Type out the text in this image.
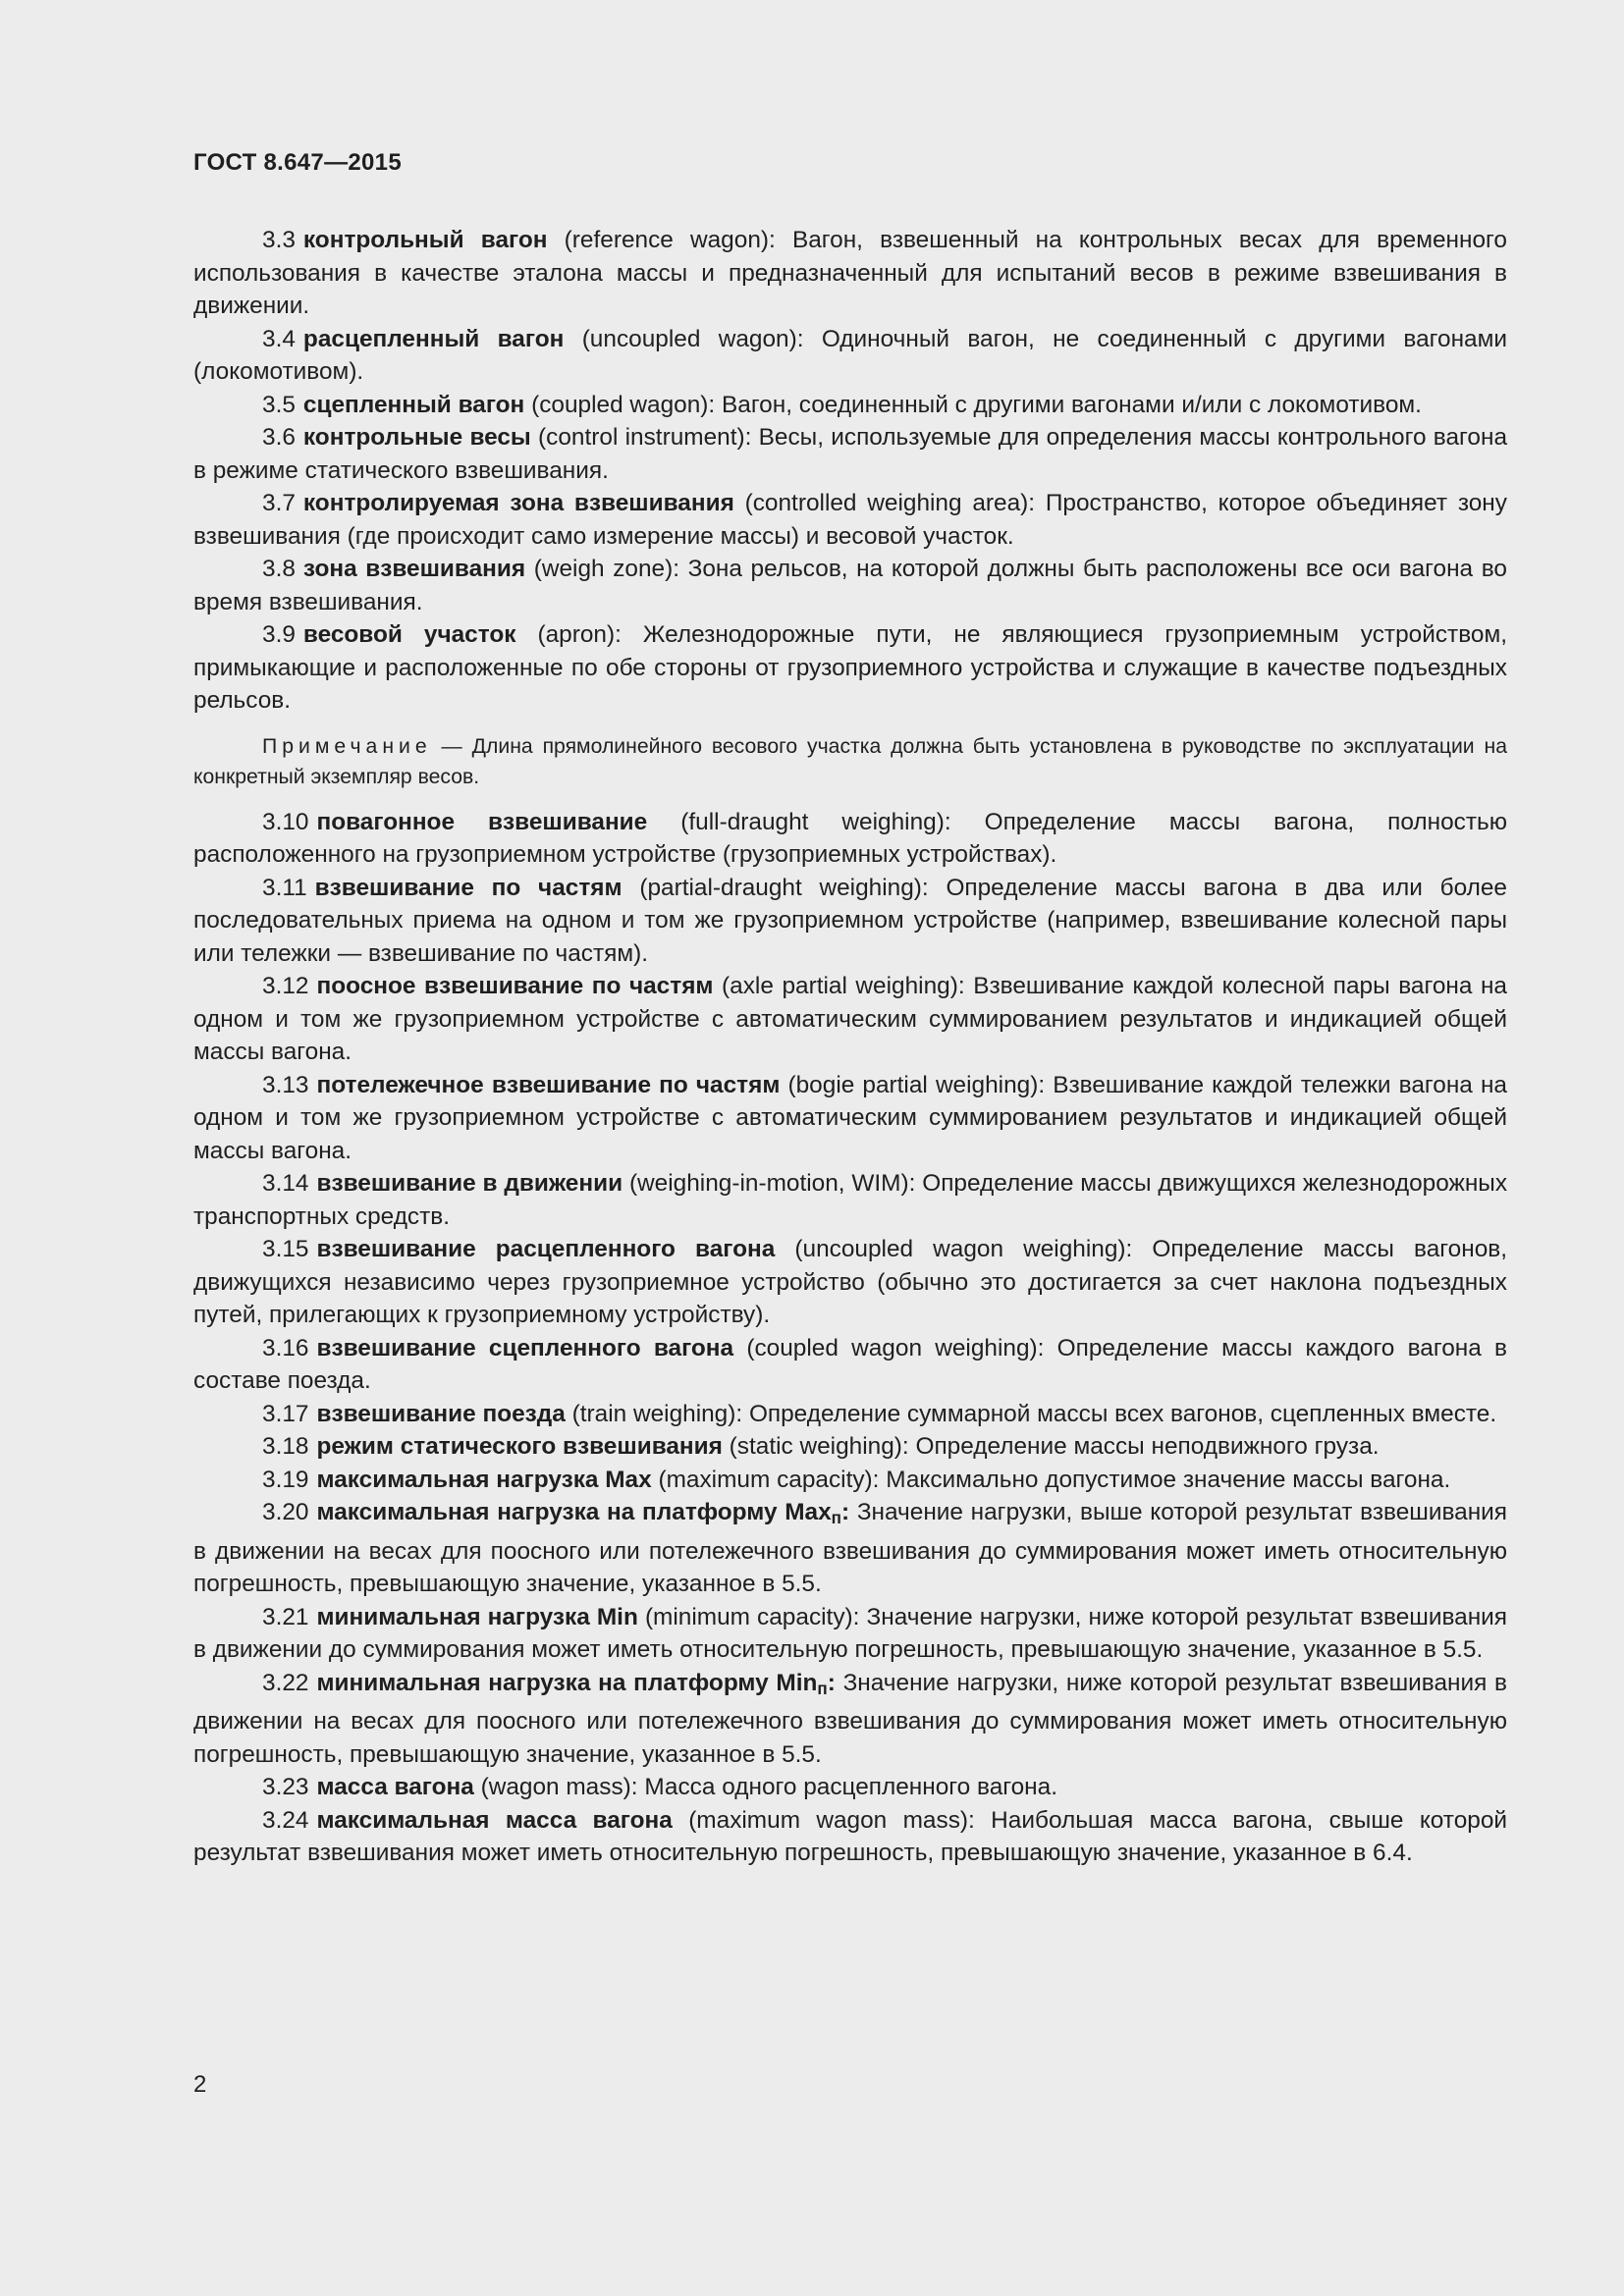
ГОСТ 8.647—2015

3.3 контрольный вагон (reference wagon): Вагон, взвешенный на контрольных весах для временного использования в качестве эталона массы и предназначенный для испытаний весов в режиме взвешивания в движении.

3.4 расцепленный вагон (uncoupled wagon): Одиночный вагон, не соединенный с другими вагонами (локомотивом).

3.5 сцепленный вагон (coupled wagon): Вагон, соединенный с другими вагонами и/или с локомотивом.

3.6 контрольные весы (control instrument): Весы, используемые для определения массы контрольного вагона в режиме статического взвешивания.

3.7 контролируемая зона взвешивания (controlled weighing area): Пространство, которое объединяет зону взвешивания (где происходит само измерение массы) и весовой участок.

3.8 зона взвешивания (weigh zone): Зона рельсов, на которой должны быть расположены все оси вагона во время взвешивания.

3.9 весовой участок (apron): Железнодорожные пути, не являющиеся грузоприемным устройством, примыкающие и расположенные по обе стороны от грузоприемного устройства и служащие в качестве подъездных рельсов.

Примечание — Длина прямолинейного весового участка должна быть установлена в руководстве по эксплуатации на конкретный экземпляр весов.

3.10 повагонное взвешивание (full-draught weighing): Определение массы вагона, полностью расположенного на грузоприемном устройстве (грузоприемных устройствах).

3.11 взвешивание по частям (partial-draught weighing): Определение массы вагона в два или более последовательных приема на одном и том же грузоприемном устройстве (например, взвешивание колесной пары или тележки — взвешивание по частям).

3.12 поосное взвешивание по частям (axle partial weighing): Взвешивание каждой колесной пары вагона на одном и том же грузоприемном устройстве с автоматическим суммированием результатов и индикацией общей массы вагона.

3.13 потележечное взвешивание по частям (bogie partial weighing): Взвешивание каждой тележки вагона на одном и том же грузоприемном устройстве с автоматическим суммированием результатов и индикацией общей массы вагона.

3.14 взвешивание в движении (weighing-in-motion, WIM): Определение массы движущихся железнодорожных транспортных средств.

3.15 взвешивание расцепленного вагона (uncoupled wagon weighing): Определение массы вагонов, движущихся независимо через грузоприемное устройство (обычно это достигается за счет наклона подъездных путей, прилегающих к грузоприемному устройству).

3.16 взвешивание сцепленного вагона (coupled wagon weighing): Определение массы каждого вагона в составе поезда.

3.17 взвешивание поезда (train weighing): Определение суммарной массы всех вагонов, сцепленных вместе.

3.18 режим статического взвешивания (static weighing): Определение массы неподвижного груза.

3.19 максимальная нагрузка Max (maximum capacity): Максимально допустимое значение массы вагона.

3.20 максимальная нагрузка на платформу Max$_п$: Значение нагрузки, выше которой результат взвешивания в движении на весах для поосного или потележечного взвешивания до суммирования может иметь относительную погрешность, превышающую значение, указанное в 5.5.

3.21 минимальная нагрузка Min (minimum capacity): Значение нагрузки, ниже которой результат взвешивания в движении до суммирования может иметь относительную погрешность, превышающую значение, указанное в 5.5.

3.22 минимальная нагрузка на платформу Min$_п$: Значение нагрузки, ниже которой результат взвешивания в движении на весах для поосного или потележечного взвешивания до суммирования может иметь относительную погрешность, превышающую значение, указанное в 5.5.

3.23 масса вагона (wagon mass): Масса одного расцепленного вагона.

3.24 максимальная масса вагона (maximum wagon mass): Наибольшая масса вагона, свыше которой результат взвешивания может иметь относительную погрешность, превышающую значение, указанное в 6.4.

2
